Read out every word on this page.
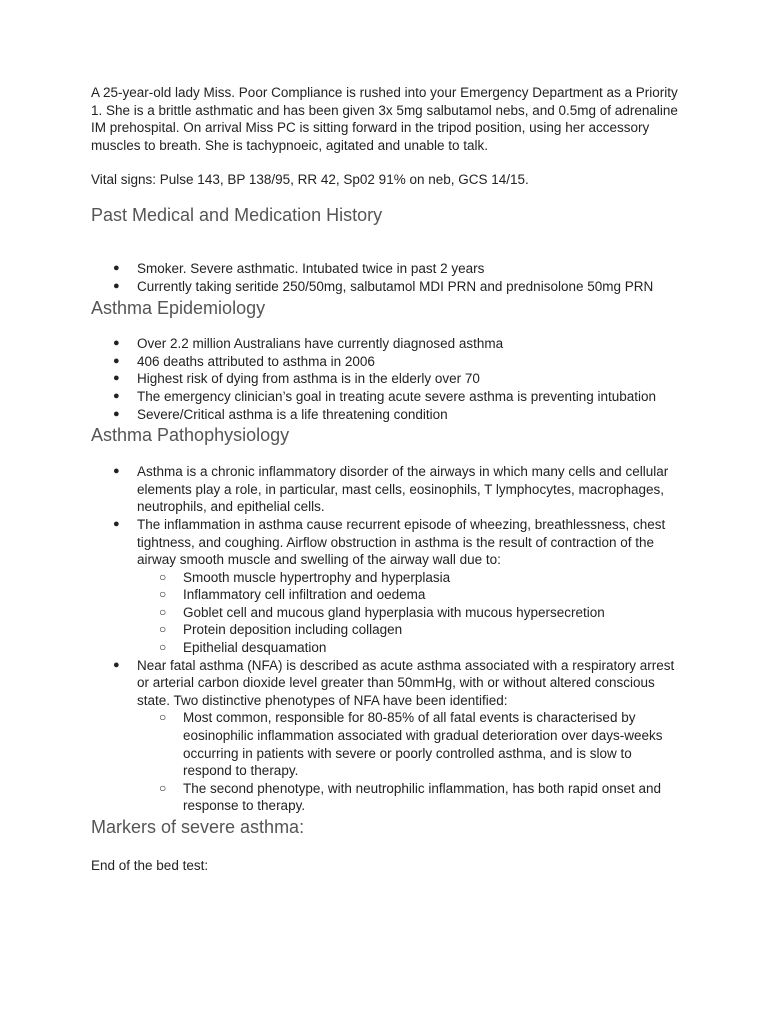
A 25-year-old lady Miss. Poor Compliance is rushed into your Emergency Department as a Priority 1. She is a brittle asthmatic and has been given 3x 5mg salbutamol nebs, and 0.5mg of adrenaline IM prehospital. On arrival Miss PC is sitting forward in the tripod position, using her accessory muscles to breath. She is tachypnoeic, agitated and unable to talk.

Vital signs: Pulse 143, BP 138/95, RR 42, Sp02 91% on neb, GCS 14/15.

Past Medical and Medication History
● Smoker. Severe asthmatic. Intubated twice in past 2 years
● Currently taking seritide 250/50mg, salbutamol MDI PRN and prednisolone 50mg PRN
Asthma Epidemiology
● Over 2.2 million Australians have currently diagnosed asthma
● 406 deaths attributed to asthma in 2006
● Highest risk of dying from asthma is in the elderly over 70
● The emergency clinician’s goal in treating acute severe asthma is preventing intubation
● Severe/Critical asthma is a life threatening condition
Asthma Pathophysiology
● Asthma is a chronic inflammatory disorder of the airways in which many cells and cellular elements play a role, in particular, mast cells, eosinophils, T lymphocytes, macrophages, neutrophils, and epithelial cells.
● The inflammation in asthma cause recurrent episode of wheezing, breathlessness, chest tightness, and coughing. Airflow obstruction in asthma is the result of contraction of the airway smooth muscle and swelling of the airway wall due to:
○ Smooth muscle hypertrophy and hyperplasia
○ Inflammatory cell infiltration and oedema
○ Goblet cell and mucous gland hyperplasia with mucous hypersecretion
○ Protein deposition including collagen
○ Epithelial desquamation
● Near fatal asthma (NFA) is described as acute asthma associated with a respiratory arrest or arterial carbon dioxide level greater than 50mmHg, with or without altered conscious state. Two distinctive phenotypes of NFA have been identified:
○ Most common, responsible for 80-85% of all fatal events is characterised by eosinophilic inflammation associated with gradual deterioration over days-weeks occurring in patients with severe or poorly controlled asthma, and is slow to respond to therapy.
○ The second phenotype, with neutrophilic inflammation, has both rapid onset and response to therapy.
Markers of severe asthma:

End of the bed test:
